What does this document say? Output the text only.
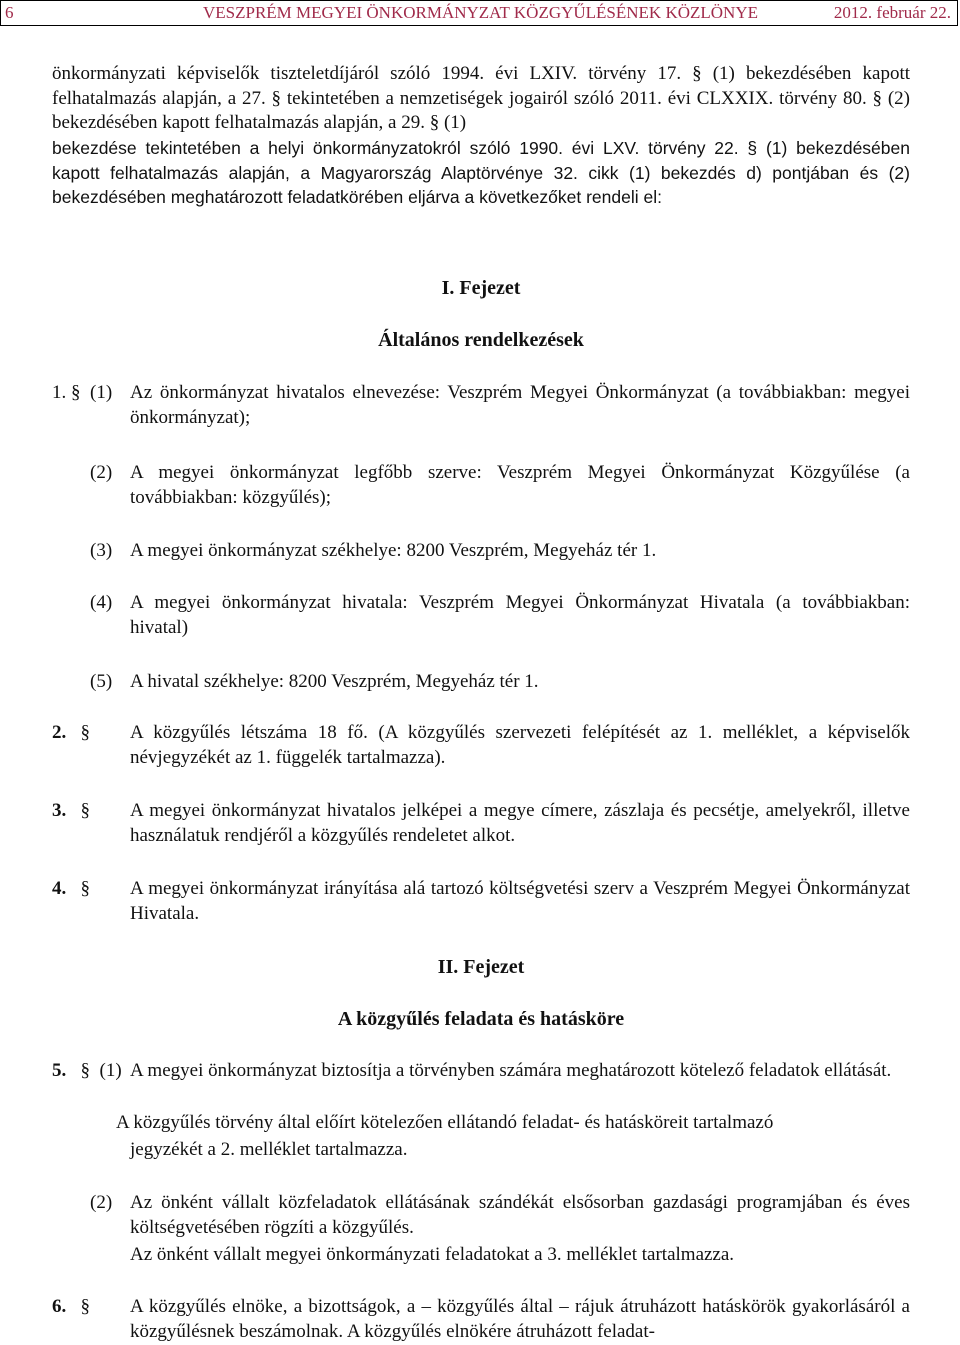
6	VESZPRÉM MEGYEI ÖNKORMÁNYZAT KÖZGYŰLÉSÉNEK KÖZLÖNYE	2012. február 22.
önkormányzati képviselők tiszteletdíjáról szóló 1994. évi LXIV. törvény 17. § (1) bekezdésében kapott felhatalmazás alapján, a 27. § tekintetében a nemzetiségek jogairól szóló 2011. évi CLXXIX. törvény 80. § (2) bekezdésében kapott felhatalmazás alapján, a 29. § (1)
bekezdése tekintetében a helyi önkormányzatokról szóló 1990. évi LXV. törvény 22. § (1) bekezdésében kapott felhatalmazás alapján, a Magyarország Alaptörvénye 32. cikk (1) bekezdés d) pontjában és (2) bekezdésében meghatározott feladatkörében eljárva a következőket rendeli el:
I. Fejezet
Általános rendelkezések
1. § (1) Az önkormányzat hivatalos elnevezése: Veszprém Megyei Önkormányzat (a továbbiakban: megyei önkormányzat);
(2) A megyei önkormányzat legfőbb szerve: Veszprém Megyei Önkormányzat Közgyűlése (a továbbiakban: közgyűlés);
(3) A megyei önkormányzat székhelye: 8200 Veszprém, Megyeház tér 1.
(4) A megyei önkormányzat hivatala: Veszprém Megyei Önkormányzat Hivatala (a továbbiakban: hivatal)
(5) A hivatal székhelye: 8200 Veszprém, Megyeház tér 1.
2. § A közgyűlés létszáma 18 fő. (A közgyűlés szervezeti felépítését az 1. melléklet, a képviselők névjegyzékét az 1. függelék tartalmazza).
3. § A megyei önkormányzat hivatalos jelképei a megye címere, zászlaja és pecsétje, amelyekről, illetve használatuk rendjéről a közgyűlés rendeletet alkot.
4. § A megyei önkormányzat irányítása alá tartozó költségvetési szerv a Veszprém Megyei Önkormányzat Hivatala.
II. Fejezet
A közgyűlés feladata és hatásköre
5. § (1) A megyei önkormányzat biztosítja a törvényben számára meghatározott kötelező feladatok ellátását.
A közgyűlés törvény által előírt kötelezően ellátandó feladat- és hatásköreit tartalmazó
jegyzékét a 2. melléklet tartalmazza.
(2) Az önként vállalt közfeladatok ellátásának szándékát elsősorban gazdasági programjában és éves költségvetésében rögzíti a közgyűlés.
Az önként vállalt megyei önkormányzati feladatokat a 3. melléklet tartalmazza.
6. § A közgyűlés elnöke, a bizottságok, a – közgyűlés által – rájuk átruházott hatáskörök gyakorlásáról a közgyűlésnek beszámolnak. A közgyűlés elnökére átruházott feladat-
